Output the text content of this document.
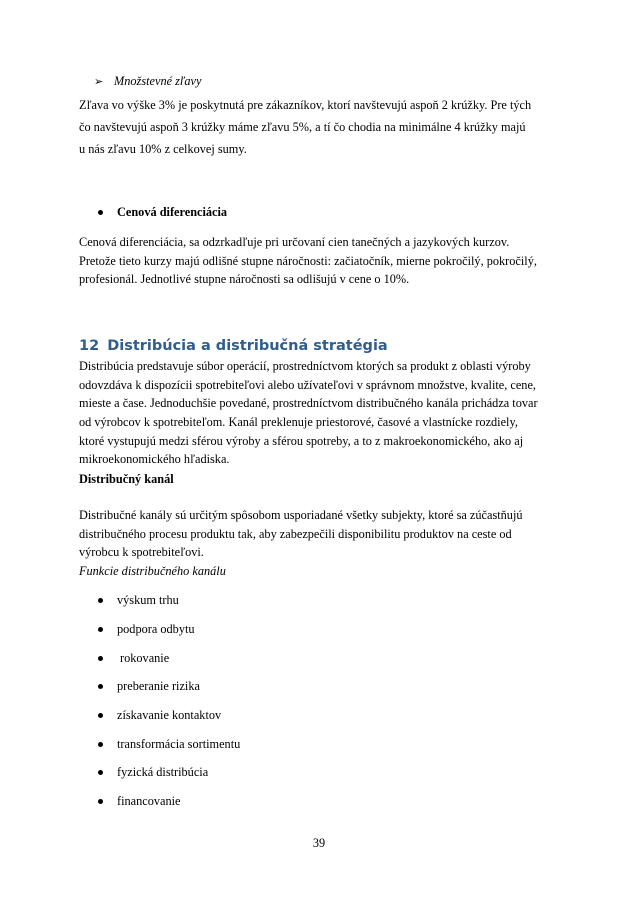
➢ Množstevné zľavy
Zľava vo výške 3% je poskytnutá pre zákazníkov, ktorí navštevujú aspoň 2 krúžky. Pre tých
čo navštevujú aspoň 3 krúžky máme zľavu 5%, a tí čo chodia na minimálne 4 krúžky majú
u nás zľavu 10% z celkovej sumy.
Cenová diferenciácia
Cenová diferenciácia, sa odzrkadľuje pri určovaní cien tanečných a jazykových kurzov.
Pretože tieto kurzy majú odlišné stupne náročnosti: začiatočník, mierne pokročilý, pokročilý,
profesionál. Jednotlivé stupne náročnosti sa odlišujú v cene o 10%.
12 Distribúcia a distribučná stratégia
Distribúcia predstavuje súbor operácií, prostredníctvom ktorých sa produkt z oblasti výroby
odovzdáva k dispozícii spotrebiteľovi alebo užívateľovi v správnom množstve, kvalite, cene,
mieste a čase. Jednoduchšie povedané, prostredníctvom distribučného kanála prichádza tovar
od výrobcov k spotrebiteľom. Kanál preklenuje priestorové, časové a vlastnícke rozdiely,
ktoré vystupujú medzi sférou výroby a sférou spotreby, a to z makroekonomického, ako aj
mikroekonomického hľadiska.
Distribučný kanál
Distribučné kanály sú určitým spôsobom usporiadané všetky subjekty, ktoré sa zúčastňujú
distribučného procesu produktu tak, aby zabezpečili disponibilitu produktov na ceste od
výrobcu k spotrebiteľovi.
Funkcie distribučného kanálu
výskum trhu
podpora odbytu
rokovanie
preberanie rizika
získavanie kontaktov
transformácia sortimentu
fyzická distribúcia
financovanie
39
